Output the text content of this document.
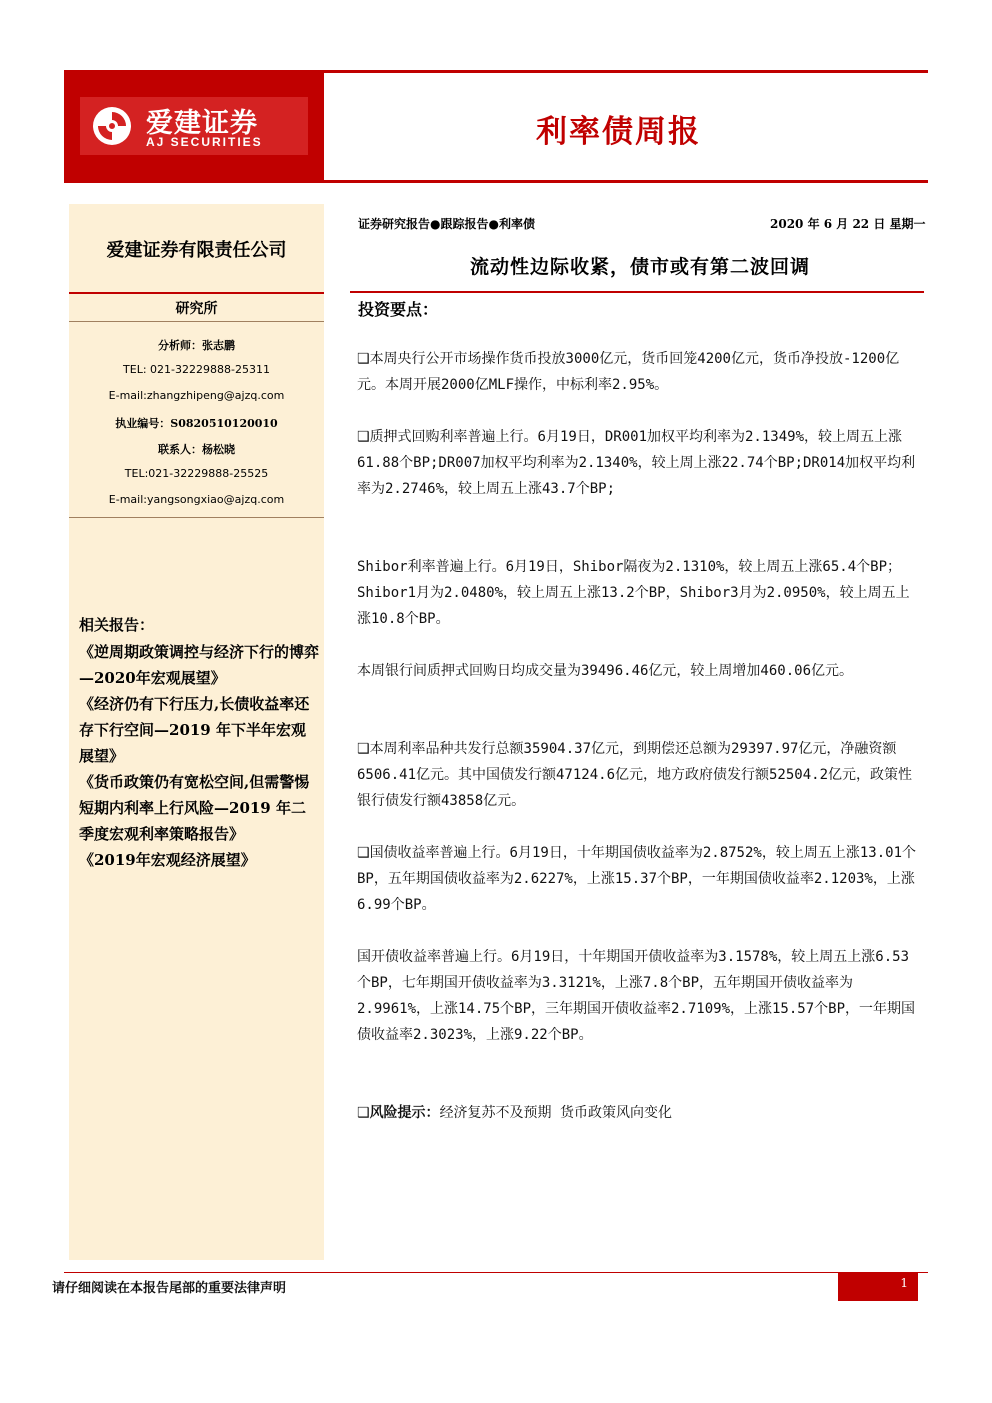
爱建证券
AJ SECURITIES	利率债周报
爱建证券有限责任公司
研究所
分析师：张志鹏
TEL: 021-32229888-25311
E-mail:zhangzhipeng@ajzq.com
执业编号：S0820510120010
联系人：杨松晓
TEL:021-32229888-25525
E-mail:yangsongxiao@ajzq.com
相关报告：
《逆周期政策调控与经济下行的博弈—2020年宏观展望》
《经济仍有下行压力,长债收益率还存下行空间—2019 年下半年宏观展望》
《货币政策仍有宽松空间,但需警惕短期内利率上行风险—2019 年二季度宏观利率策略报告》
《2019年宏观经济展望》
证券研究报告●跟踪报告●利率债	2020 年 6 月 22 日 星期一
流动性边际收紧，债市或有第二波回调
投资要点：
❑本周央行公开市场操作货币投放3000亿元，货币回笼4200亿元，货币净投放-1200亿元。本周开展2000亿MLF操作，中标利率2.95%。
❑质押式回购利率普遍上行。6月19日，DR001加权平均利率为2.1349%，较上周五上涨61.88个BP;DR007加权平均利率为2.1340%，较上周上涨22.74个BP;DR014加权平均利率为2.2746%，较上周五上涨43.7个BP;
Shibor利率普遍上行。6月19日，Shibor隔夜为2.1310%，较上周五上涨65.4个BP；Shibor1月为2.0480%，较上周五上涨13.2个BP，Shibor3月为2.0950%，较上周五上涨10.8个BP。
本周银行间质押式回购日均成交量为39496.46亿元，较上周增加460.06亿元。
❑本周利率品种共发行总额35904.37亿元，到期偿还总额为29397.97亿元，净融资额6506.41亿元。其中国债发行额47124.6亿元，地方政府债发行额52504.2亿元，政策性银行债发行额43858亿元。
❑国债收益率普遍上行。6月19日，十年期国债收益率为2.8752%，较上周五上涨13.01个BP，五年期国债收益率为2.6227%，上涨15.37个BP，一年期国债收益率2.1203%，上涨6.99个BP。
国开债收益率普遍上行。6月19日，十年期国开债收益率为3.1578%，较上周五上涨6.53个BP，七年期国开债收益率为3.3121%，上涨7.8个BP，五年期国开债收益率为2.9961%，上涨14.75个BP，三年期国开债收益率2.7109%，上涨15.57个BP，一年期国债收益率2.3023%，上涨9.22个BP。
❑风险提示：经济复苏不及预期 货币政策风向变化
请仔细阅读在本报告尾部的重要法律声明	1
